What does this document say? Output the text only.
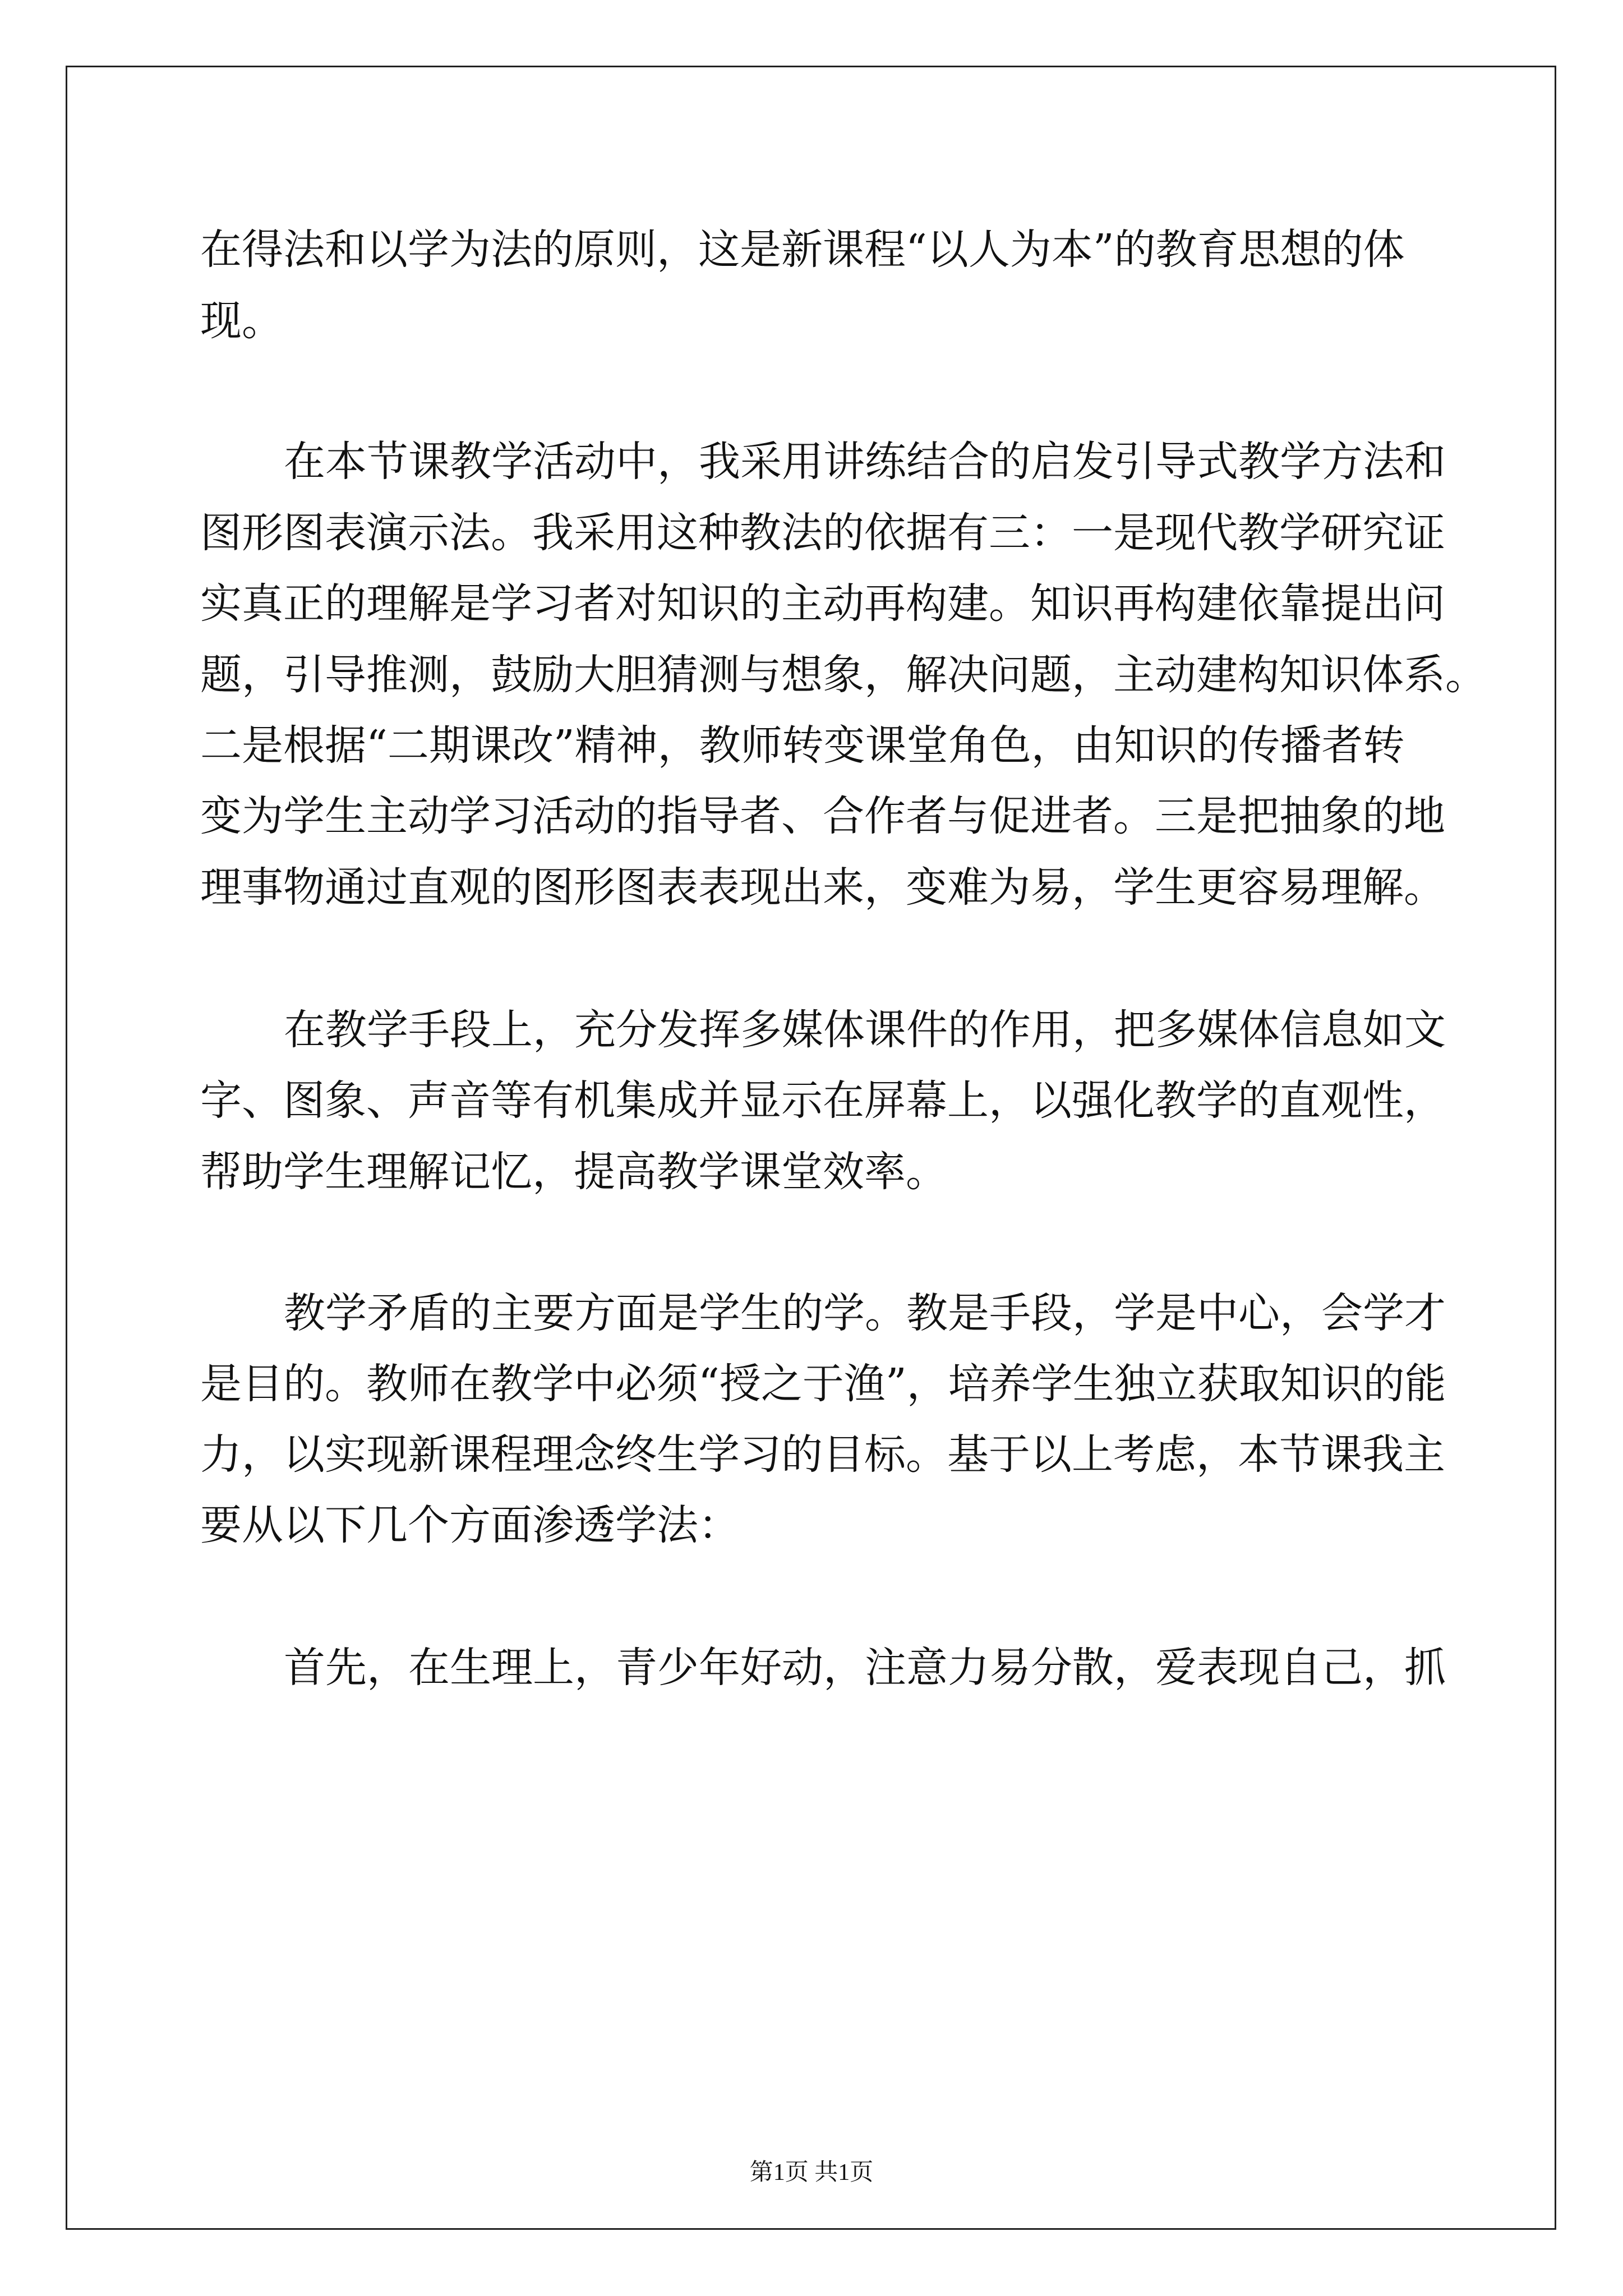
在得法和以学为法的原则，这是新课程“以人为本”的教育思想的体

现。

在本节课教学活动中，我采用讲练结合的启发引导式教学方法和

图形图表演示法。我采用这种教法的依据有三：一是现代教学研究证

实真正的理解是学习者对知识的主动再构建。知识再构建依靠提出问

题，引导推测，鼓励大胆猜测与想象，解决问题，主动建构知识体系。

二是根据“二期课改”精神，教师转变课堂角色，由知识的传播者转

变为学生主动学习活动的指导者、合作者与促进者。三是把抽象的地

理事物通过直观的图形图表表现出来，变难为易，学生更容易理解。

在教学手段上，充分发挥多媒体课件的作用，把多媒体信息如文

字、图象、声音等有机集成并显示在屏幕上，以强化教学的直观性，

帮助学生理解记忆，提高教学课堂效率。

教学矛盾的主要方面是学生的学。教是手段，学是中心，会学才

是目的。教师在教学中必须“授之于渔”，培养学生独立获取知识的能

力，以实现新课程理念终生学习的目标。基于以上考虑，本节课我主

要从以下几个方面渗透学法：

首先，在生理上，青少年好动，注意力易分散，爱表现自己，抓

第1页 共1页
